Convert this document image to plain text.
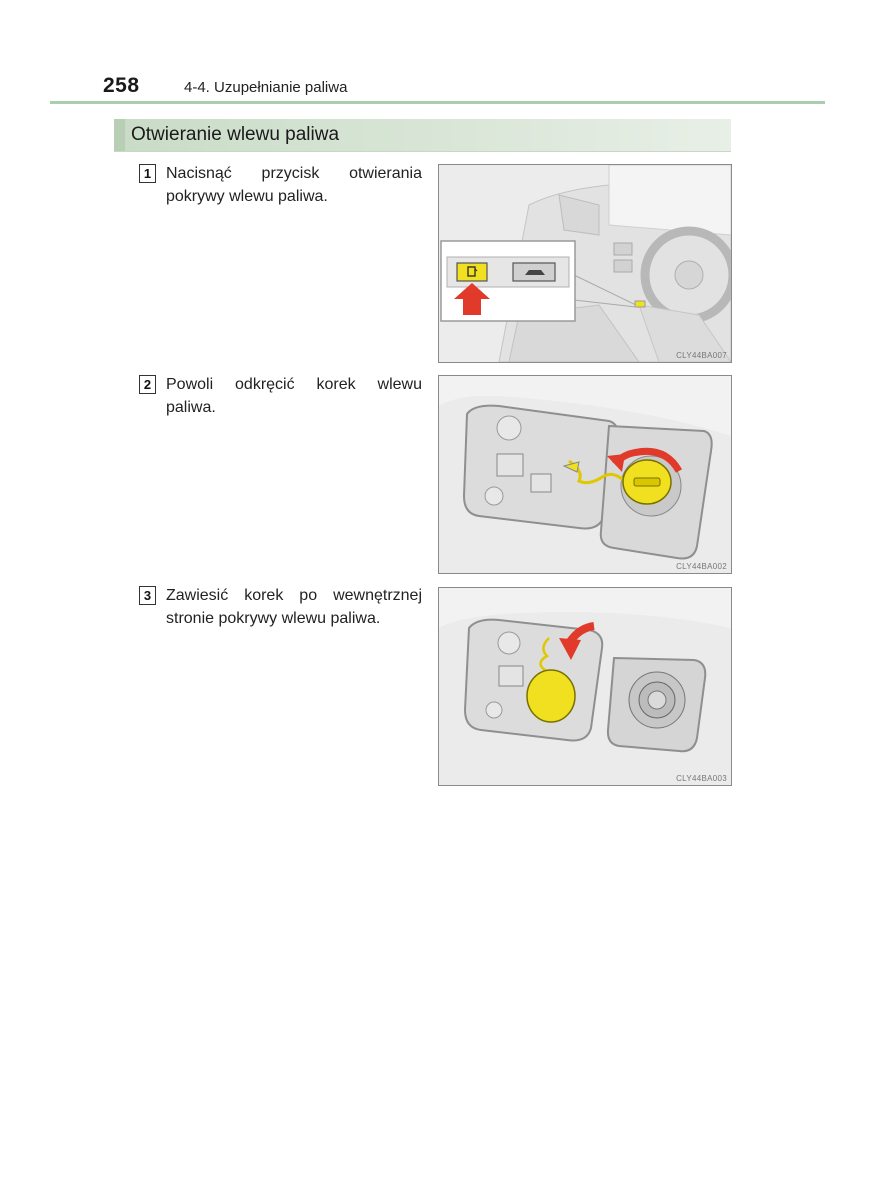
258	4-4. Uzupełnianie paliwa
Otwieranie wlewu paliwa
1 Nacisnąć przycisk otwierania pokrywy wlewu paliwa.
CLY44BA007
2 Powoli odkręcić korek wlewu paliwa.
CLY44BA002
3 Zawiesić korek po wewnętrznej stronie pokrywy wlewu paliwa.
CLY44BA003
